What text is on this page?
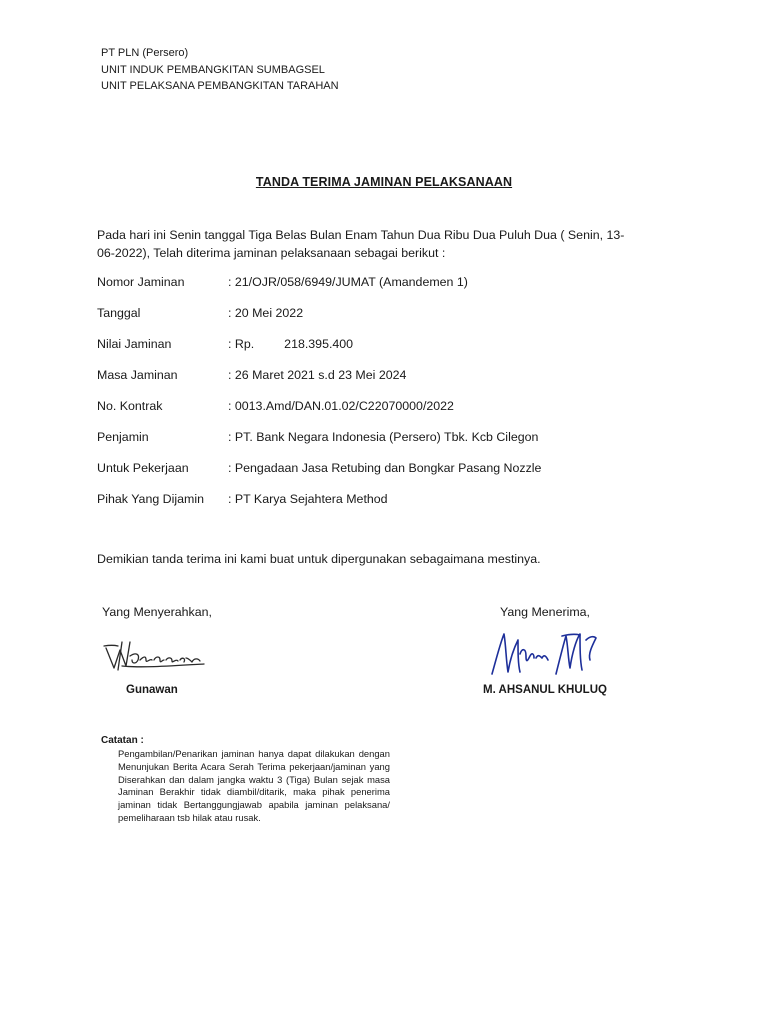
PT PLN (Persero)
UNIT INDUK PEMBANGKITAN SUMBAGSEL
UNIT PELAKSANA PEMBANGKITAN TARAHAN
TANDA TERIMA JAMINAN PELAKSANAAN
Pada hari ini Senin tanggal Tiga Belas Bulan Enam Tahun Dua Ribu Dua Puluh Dua ( Senin, 13-06-2022), Telah diterima jaminan pelaksanaan sebagai berikut :
Nomor Jaminan	: 21/OJR/058/6949/JUMAT (Amandemen 1)
Tanggal	: 20 Mei 2022
Nilai Jaminan	: Rp. 218.395.400
Masa Jaminan	: 26 Maret 2021 s.d 23 Mei 2024
No. Kontrak	: 0013.Amd/DAN.01.02/C22070000/2022
Penjamin	: PT. Bank Negara Indonesia (Persero) Tbk. Kcb Cilegon
Untuk Pekerjaan	: Pengadaan Jasa Retubing dan Bongkar Pasang Nozzle
Pihak Yang Dijamin : PT Karya Sejahtera Method
Demikian tanda terima ini kami buat untuk dipergunakan sebagaimana mestinya.
Yang Menyerahkan,	Yang Menerima,
Gunawan	M. AHSANUL KHULUQ
Catatan :
Pengambilan/Penarikan jaminan hanya dapat dilakukan dengan Menunjukan Berita Acara Serah Terima pekerjaan/jaminan yang Diserahkan dan dalam jangka waktu 3 (Tiga) Bulan sejak masa Jaminan Berakhir tidak diambil/ditarik, maka pihak penerima jaminan tidak Bertanggungjawab apabila jaminan pelaksana/ pemeliharaan tsb hilak atau rusak.
